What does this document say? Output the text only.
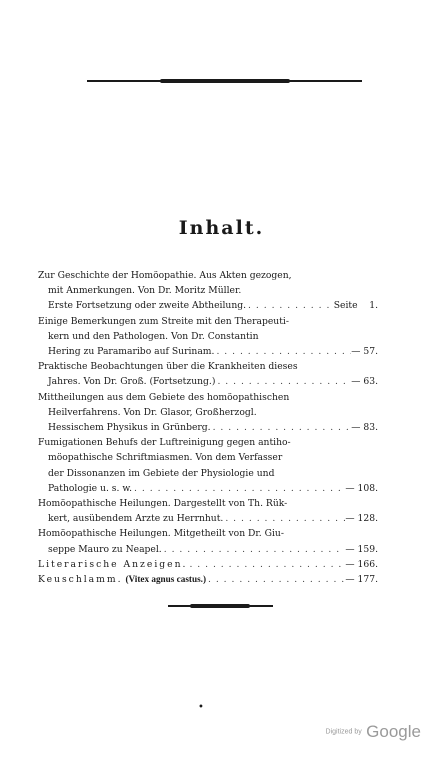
Inhalt.
Zur Geschichte der Homöopathie. Aus Akten gezogen,
mit Anmerkungen. Von Dr. Moritz Müller.
Erste Fortsetzung oder zweite Abtheilung. . . .	Seite 1.
Einige Bemerkungen zum Streite mit den Therapeuti-
kern und den Pathologen. Von Dr. Constantin
Hering zu Paramaribo auf Surinam. . . .	— 57.
Praktische Beobachtungen über die Krankheiten dieses
Jahres. Von Dr. Groß. (Fortsetzung.) . . .	— 63.
Mittheilungen aus dem Gebiete des homöopathischen
Heilverfahrens. Von Dr. Glasor, Großherzogl.
Hessischem Physikus in Grünberg. . . .	— 83.
Fumigationen Behufs der Luftreinigung gegen antiho-
möopathische Schriftmiasmen. Von dem Verfasser
der Dissonanzen im Gebiete der Physiologie und
Pathologie u. s. w. . . .	— 108.
Homöopathische Heilungen. Dargestellt von Th. Rük-
kert, ausübendem Arzte zu Herrnhut. . . .	— 128.
Homöopathische Heilungen. Mitgetheilt von Dr. Giu-
seppe Mauro zu Neapel. . . .	— 159.
Literarische Anzeigen. . . .	— 166.
Keuschlamm. (Vitex agnus castus.) . . .	— 177.
•
Digitized by Google
